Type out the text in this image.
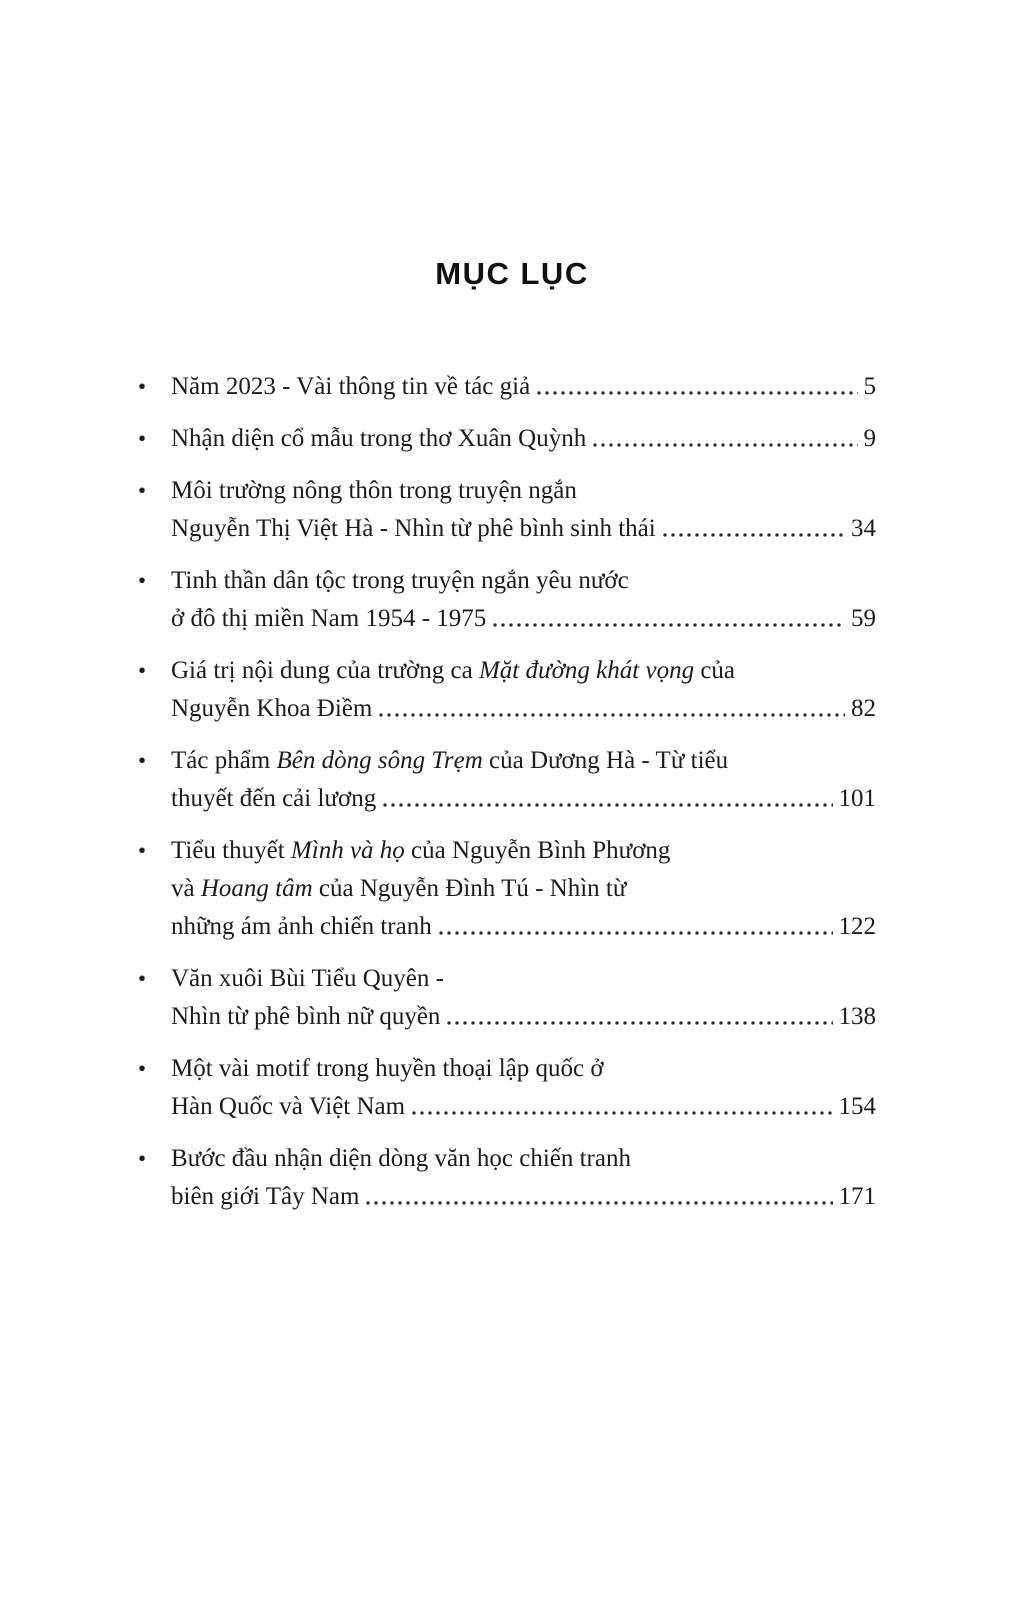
MỤC LỤC
• Năm 2023 - Vài thông tin về tác giả	5
• Nhận diện cổ mẫu trong thơ Xuân Quỳnh	9
• Môi trường nông thôn trong truyện ngắn
Nguyễn Thị Việt Hà - Nhìn từ phê bình sinh thái	34
• Tinh thần dân tộc trong truyện ngắn yêu nước
ở đô thị miền Nam 1954 - 1975	59
• Giá trị nội dung của trường ca Mặt đường khát vọng của
Nguyễn Khoa Điềm	82
• Tác phẩm Bên dòng sông Trẹm của Dương Hà - Từ tiểu
thuyết đến cải lương	101
• Tiểu thuyết Mình và họ của Nguyễn Bình Phương
và Hoang tâm của Nguyễn Đình Tú - Nhìn từ
những ám ảnh chiến tranh	122
• Văn xuôi Bùi Tiểu Quyên -
Nhìn từ phê bình nữ quyền	138
• Một vài motif trong huyền thoại lập quốc ở
Hàn Quốc và Việt Nam	154
• Bước đầu nhận diện dòng văn học chiến tranh
biên giới Tây Nam	171
